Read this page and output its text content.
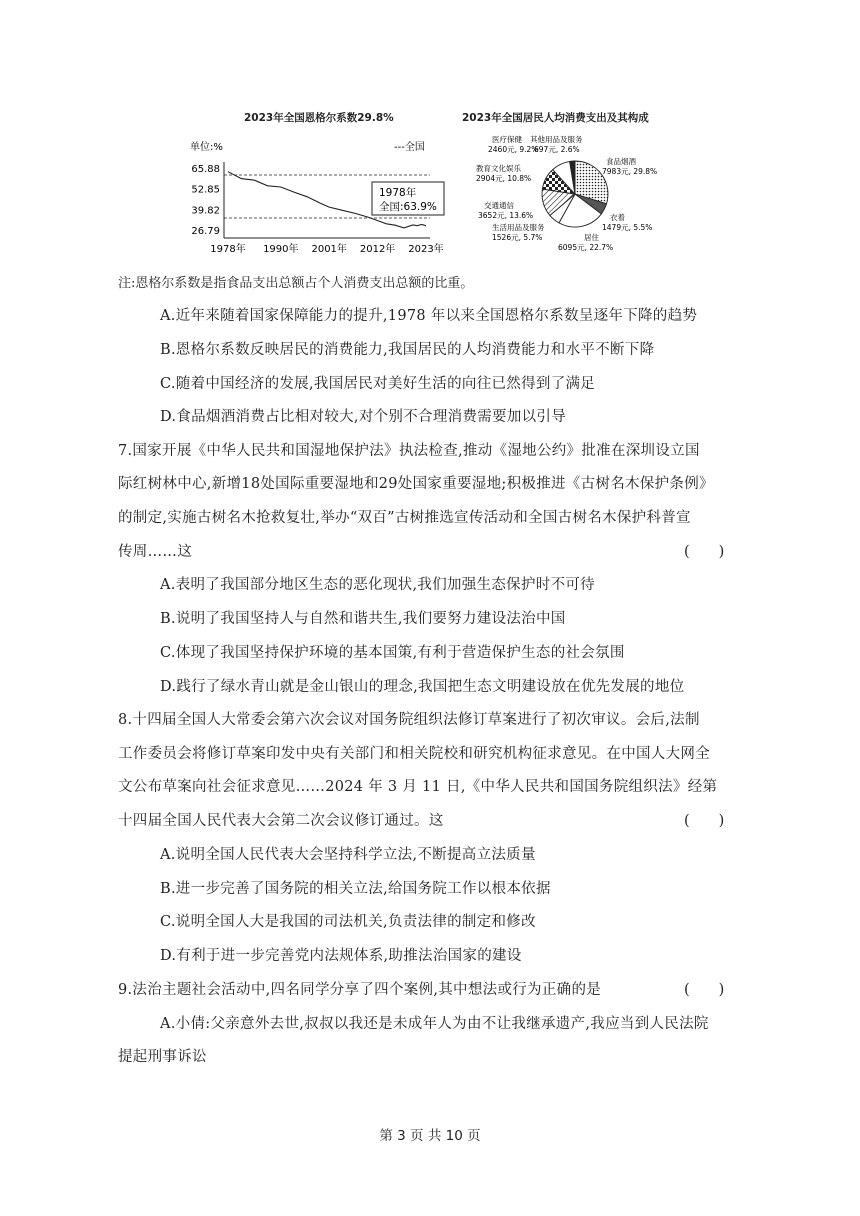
2023年全国恩格尔系数29.8%
单位:%	---全国
65.88
52.85
39.82
26.79
1978年 1990年 2001年 2012年 2023年
1978年
全国:63.9%
2023年全国居民人均消费支出及其构成
其他用品及服务
697元, 2.6%
医疗保健
2460元, 9.2%
食品烟酒
7983元, 29.8%
教育文化娱乐
2904元, 10.8%
交通通信
3652元, 13.6%	衣着
1479元, 5.5%
生活用品及服务
1526元, 5.7%	居住
6095元, 22.7%
注:恩格尔系数是指食品支出总额占个人消费支出总额的比重。
A.近年来随着国家保障能力的提升,1978 年以来全国恩格尔系数呈逐年下降的趋势
B.恩格尔系数反映居民的消费能力,我国居民的人均消费能力和水平不断下降
C.随着中国经济的发展,我国居民对美好生活的向往已然得到了满足
D.食品烟酒消费占比相对较大,对个别不合理消费需要加以引导
7.国家开展《中华人民共和国湿地保护法》执法检查,推动《湿地公约》批准在深圳设立国
际红树林中心,新增18处国际重要湿地和29处国家重要湿地;积极推进《古树名木保护条例》
的制定,实施古树名木抢救复壮,举办“双百”古树推选宣传活动和全国古树名木保护科普宣
传周……这	(　　)
A.表明了我国部分地区生态的恶化现状,我们加强生态保护时不可待
B.说明了我国坚持人与自然和谐共生,我们要努力建设法治中国
C.体现了我国坚持保护环境的基本国策,有利于营造保护生态的社会氛围
D.践行了绿水青山就是金山银山的理念,我国把生态文明建设放在优先发展的地位
8.十四届全国人大常委会第六次会议对国务院组织法修订草案进行了初次审议。会后,法制
工作委员会将修订草案印发中央有关部门和相关院校和研究机构征求意见。在中国人大网全
文公布草案向社会征求意见……2024 年 3 月 11 日,《中华人民共和国国务院组织法》经第
十四届全国人民代表大会第二次会议修订通过。这	(　　)
A.说明全国人民代表大会坚持科学立法,不断提高立法质量
B.进一步完善了国务院的相关立法,给国务院工作以根本依据
C.说明全国人大是我国的司法机关,负责法律的制定和修改
D.有利于进一步完善党内法规体系,助推法治国家的建设
9.法治主题社会活动中,四名同学分享了四个案例,其中想法或行为正确的是	(　　)
A.小倩:父亲意外去世,叔叔以我还是未成年人为由不让我继承遗产,我应当到人民法院
提起刑事诉讼
第 3 页 共 10 页
